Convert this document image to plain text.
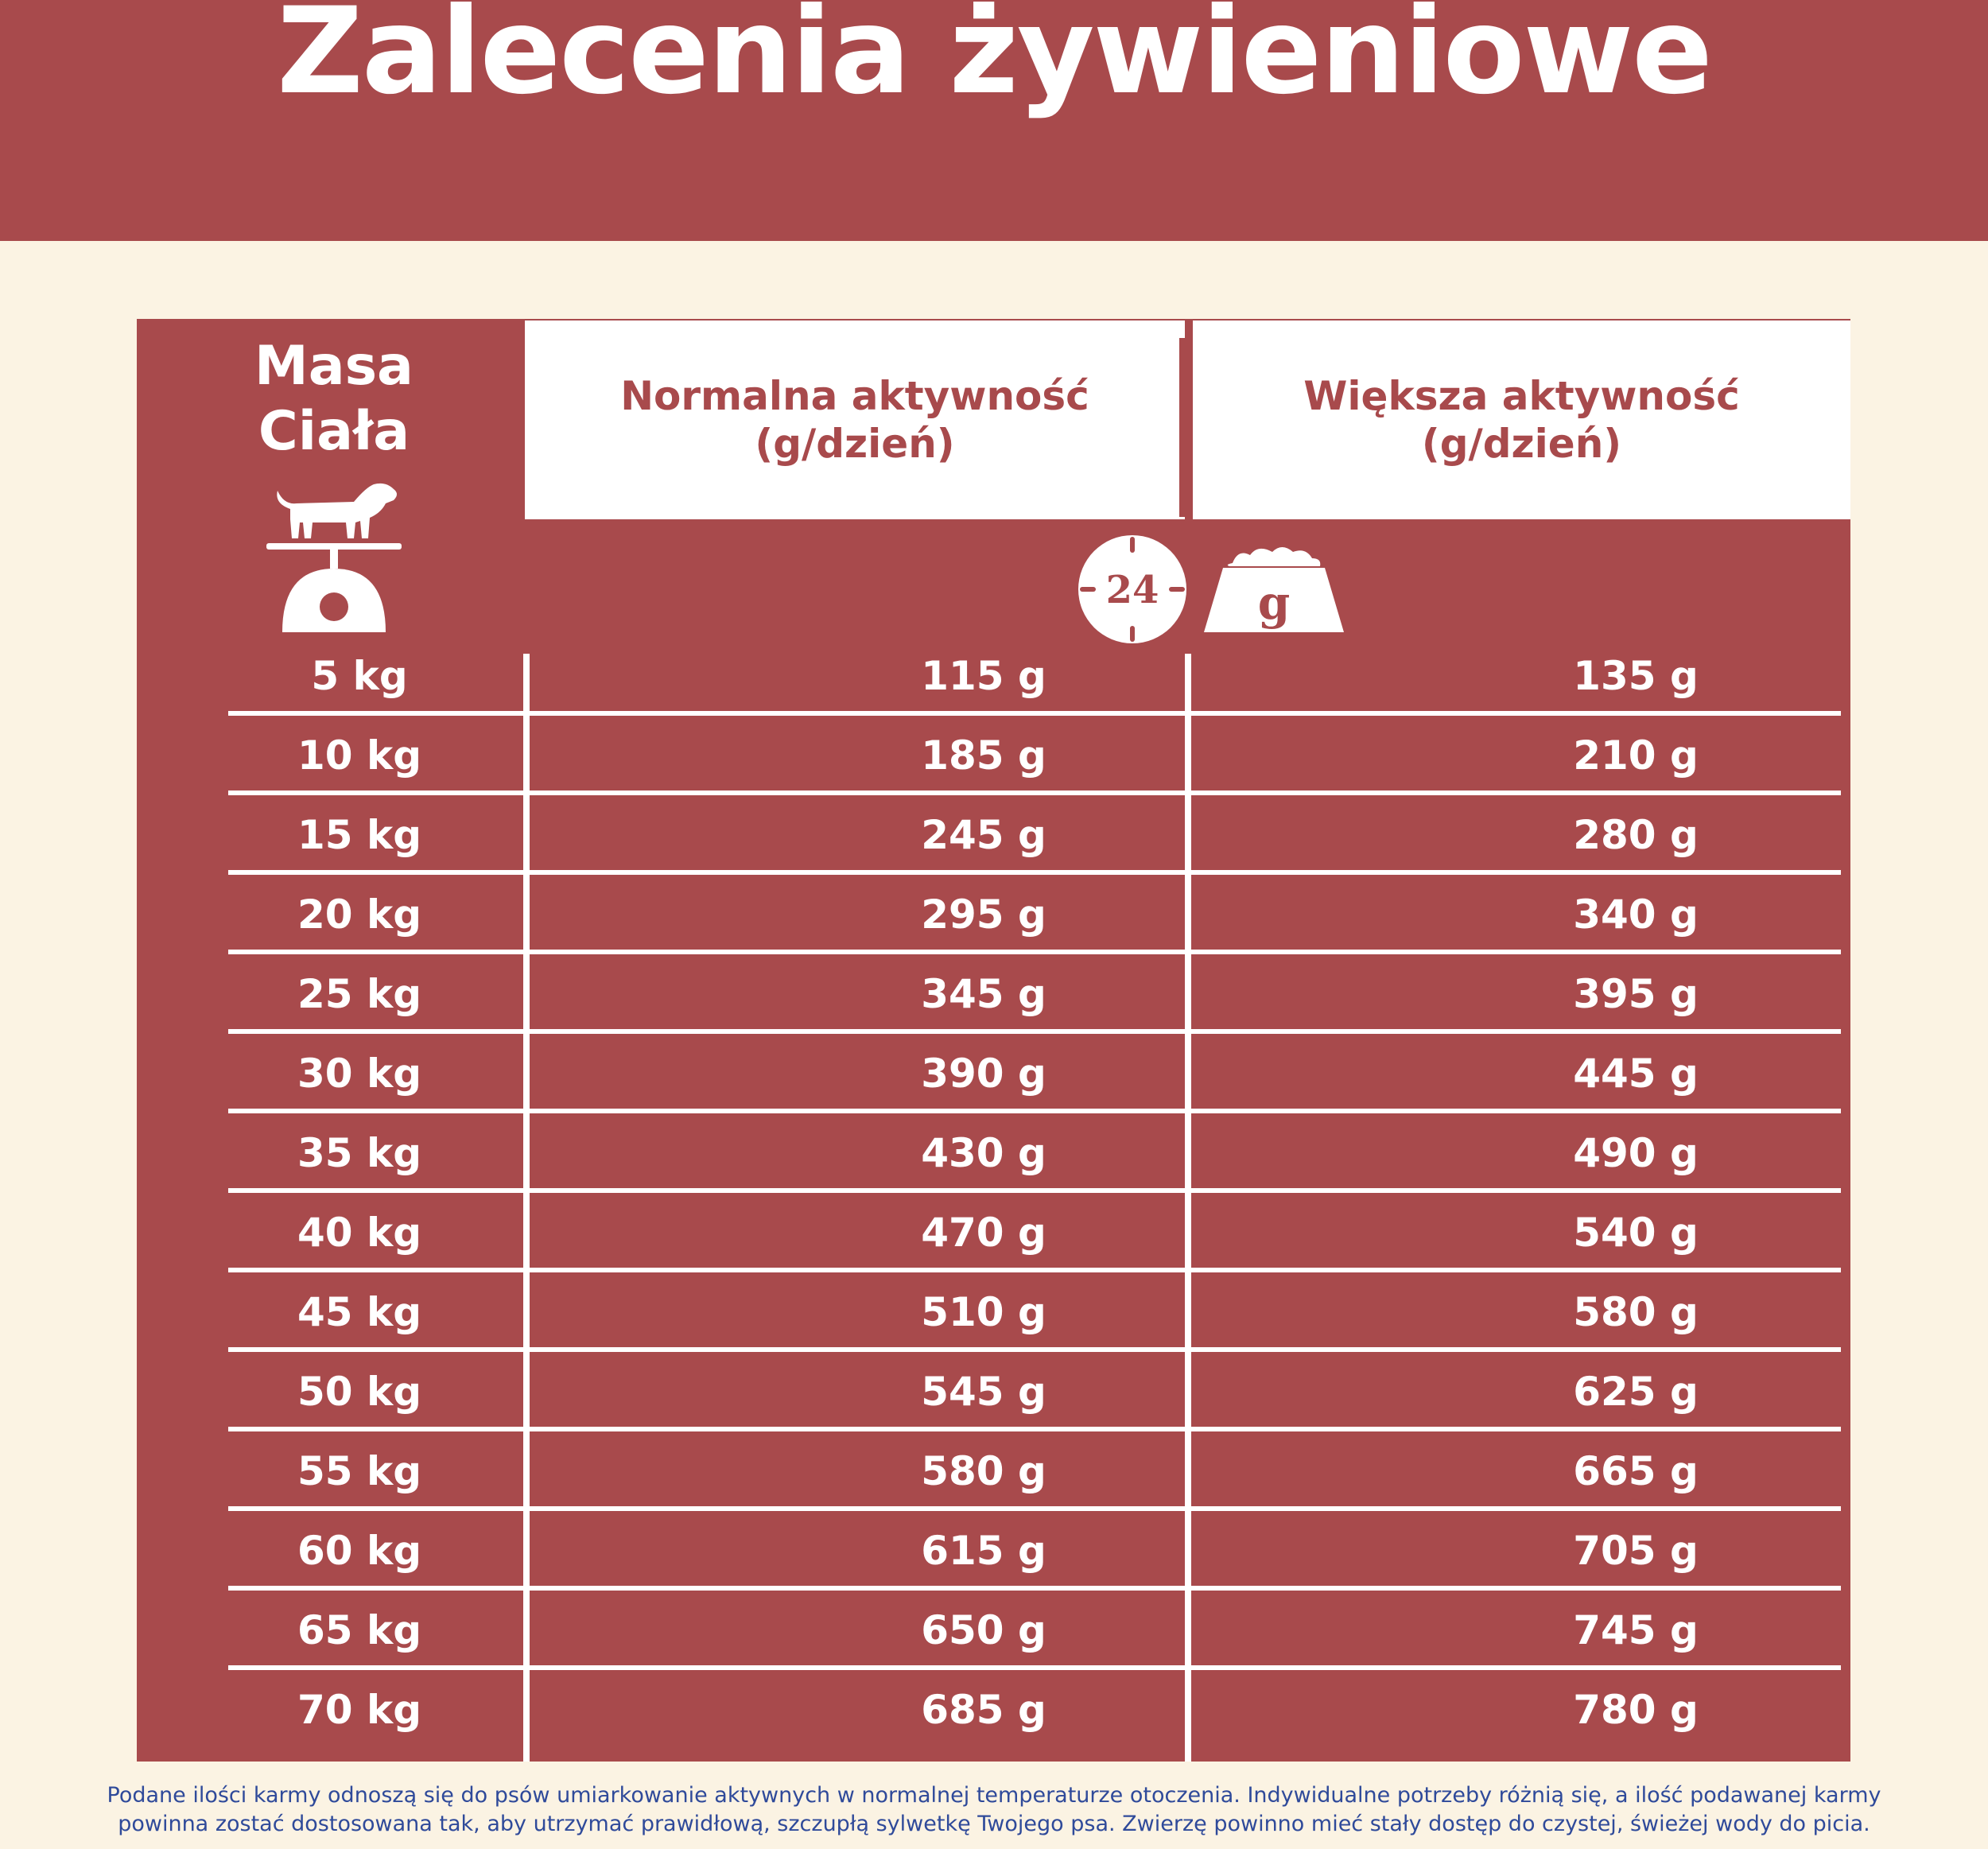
Zalecenia żywieniowe
Masa
Ciała
Normalna aktywność
(g/dzień)
Większa aktywność
(g/dzień)
24 g
5 kg	115 g	135 g
10 kg	185 g	210 g
15 kg	245 g	280 g
20 kg	295 g	340 g
25 kg	345 g	395 g
30 kg	390 g	445 g
35 kg	430 g	490 g
40 kg	470 g	540 g
45 kg	510 g	580 g
50 kg	545 g	625 g
55 kg	580 g	665 g
60 kg	615 g	705 g
65 kg	650 g	745 g
70 kg	685 g	780 g
Podane ilości karmy odnoszą się do psów umiarkowanie aktywnych w normalnej temperaturze otoczenia. Indywidualne potrzeby różnią się, a ilość podawanej karmy
powinna zostać dostosowana tak, aby utrzymać prawidłową, szczupłą sylwetkę Twojego psa. Zwierzę powinno mieć stały dostęp do czystej, świeżej wody do picia.
